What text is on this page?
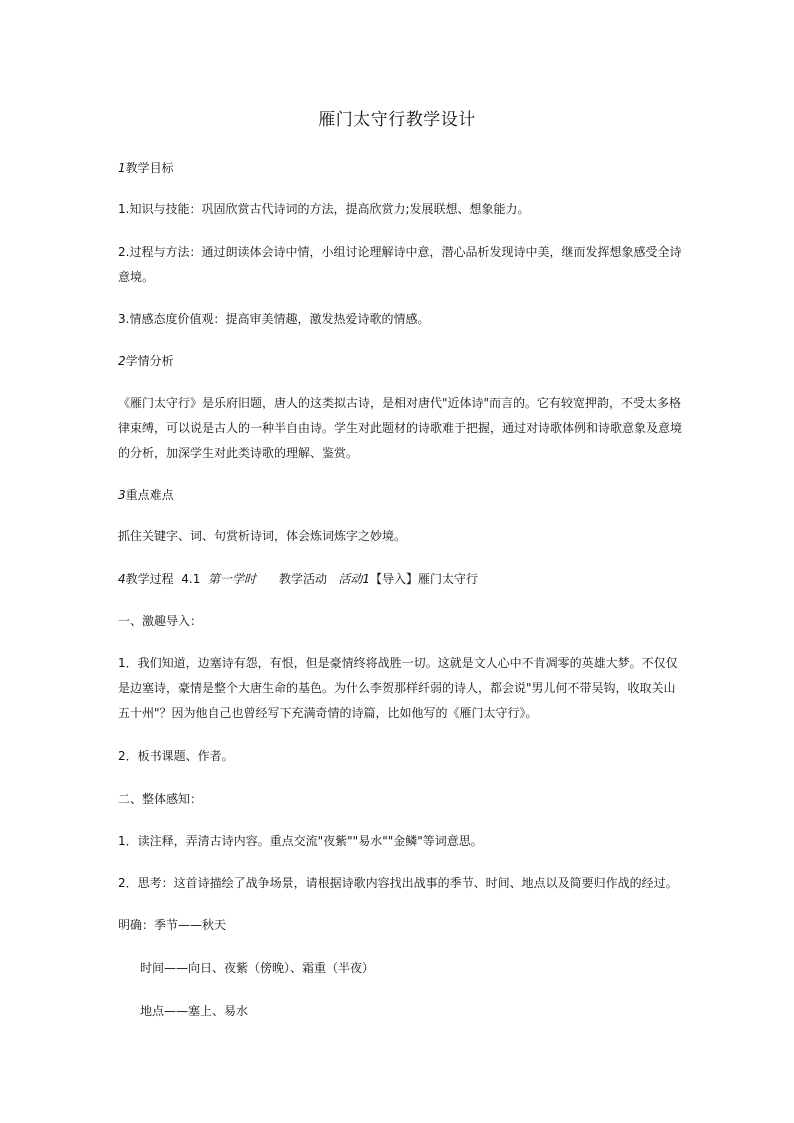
雁门太守行教学设计
1教学目标
1.知识与技能：巩固欣赏古代诗词的方法，提高欣赏力;发展联想、想象能力。
2.过程与方法：通过朗读体会诗中情，小组讨论理解诗中意，潜心品析发现诗中美，继而发挥想象感受全诗意境。
3.情感态度价值观：提高审美情趣，激发热爱诗歌的情感。
2学情分析
《雁门太守行》是乐府旧题，唐人的这类拟古诗，是相对唐代"近体诗"而言的。它有较宽押韵，不受太多格律束缚，可以说是古人的一种半自由诗。学生对此题材的诗歌难于把握，通过对诗歌体例和诗歌意象及意境的分析，加深学生对此类诗歌的理解、鉴赏。
3重点难点
抓住关键字、词、句赏析诗词，体会炼词炼字之妙境。
4教学过程 4.1 第一学时 教学活动 活动1【导入】雁门太守行
一、激趣导入：
1．我们知道，边塞诗有怨，有恨，但是豪情终将战胜一切。这就是文人心中不肯凋零的英雄大梦。不仅仅是边塞诗，豪情是整个大唐生命的基色。为什么李贺那样纤弱的诗人，都会说"男儿何不带吴钩，收取关山五十州"？因为他自己也曾经写下充满奇情的诗篇，比如他写的《雁门太守行》。
2．板书课题、作者。
二、整体感知：
1．读注释，弄清古诗内容。重点交流"夜紫""易水""金鳞"等词意思。
2．思考：这首诗描绘了战争场景，请根据诗歌内容找出战事的季节、时间、地点以及简要归作战的经过。
明确：季节——秋天
时间——向日、夜紫（傍晚）、霜重（半夜）
地点——塞上、易水
